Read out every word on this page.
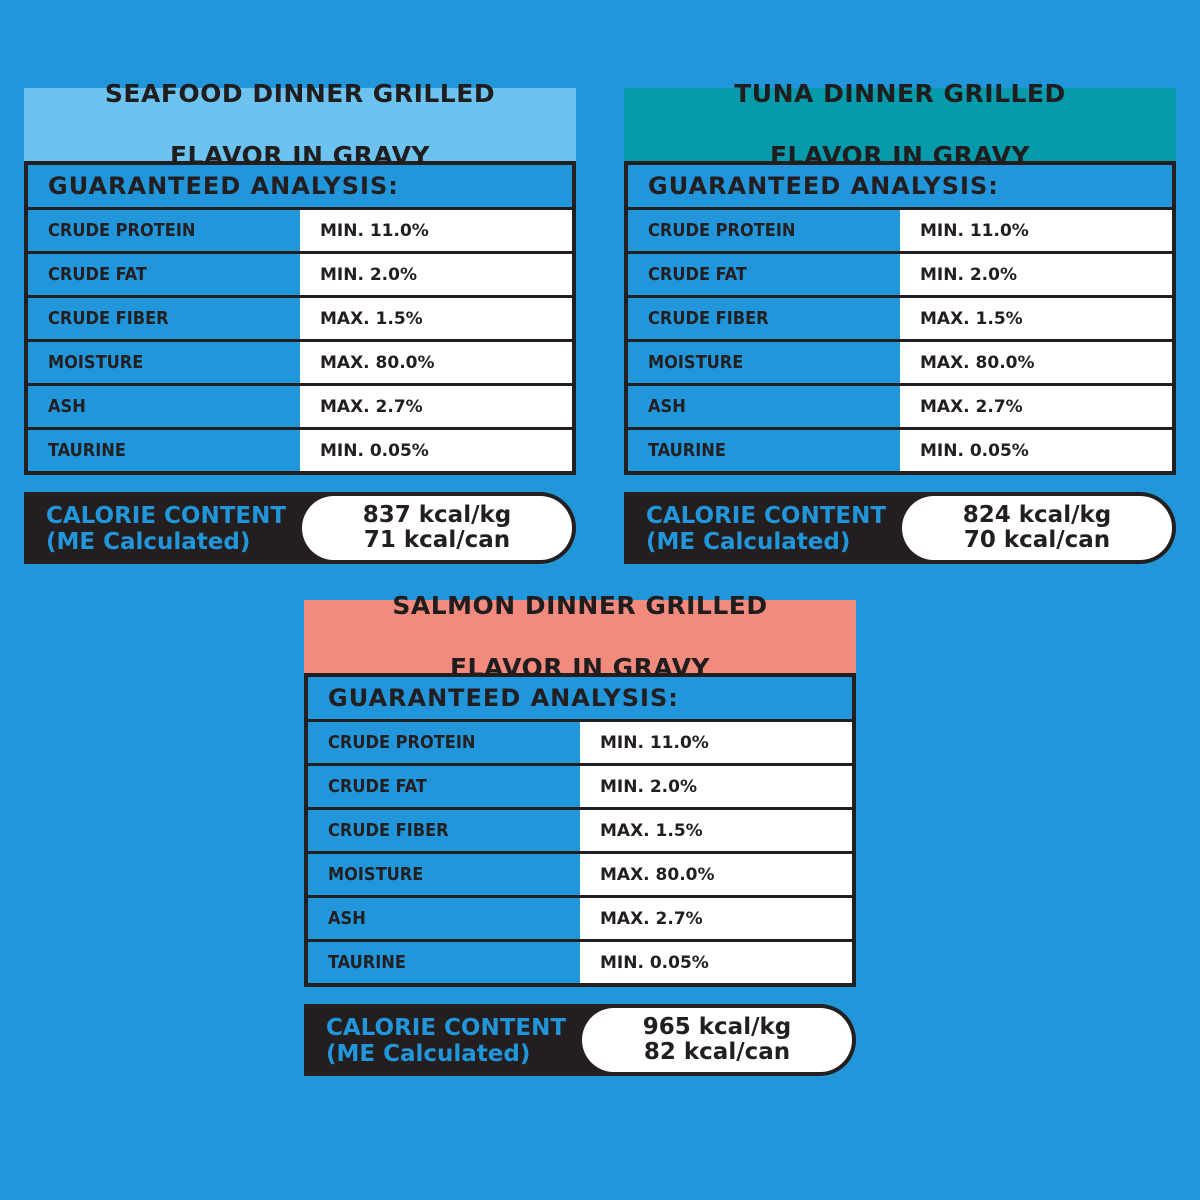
SEAFOOD DINNER GRILLED

FLAVOR IN GRAVY

GUARANTEED ANALYSIS:
CRUDE PROTEIN	MIN. 11.0%
CRUDE FAT	MIN. 2.0%
CRUDE FIBER	MAX. 1.5%
MOISTURE	MAX. 80.0%
ASH	MAX. 2.7%
TAURINE	MIN. 0.05%
CALORIE CONTENT
(ME Calculated)
837 kcal/kg
71 kcal/can

TUNA DINNER GRILLED

FLAVOR IN GRAVY

GUARANTEED ANALYSIS:
CRUDE PROTEIN	MIN. 11.0%
CRUDE FAT	MIN. 2.0%
CRUDE FIBER	MAX. 1.5%
MOISTURE	MAX. 80.0%
ASH	MAX. 2.7%
TAURINE	MIN. 0.05%
CALORIE CONTENT
(ME Calculated)
824 kcal/kg
70 kcal/can

SALMON DINNER GRILLED

FLAVOR IN GRAVY

GUARANTEED ANALYSIS:
CRUDE PROTEIN	MIN. 11.0%
CRUDE FAT	MIN. 2.0%
CRUDE FIBER	MAX. 1.5%
MOISTURE	MAX. 80.0%
ASH	MAX. 2.7%
TAURINE	MIN. 0.05%
CALORIE CONTENT
(ME Calculated)
965 kcal/kg
82 kcal/can
